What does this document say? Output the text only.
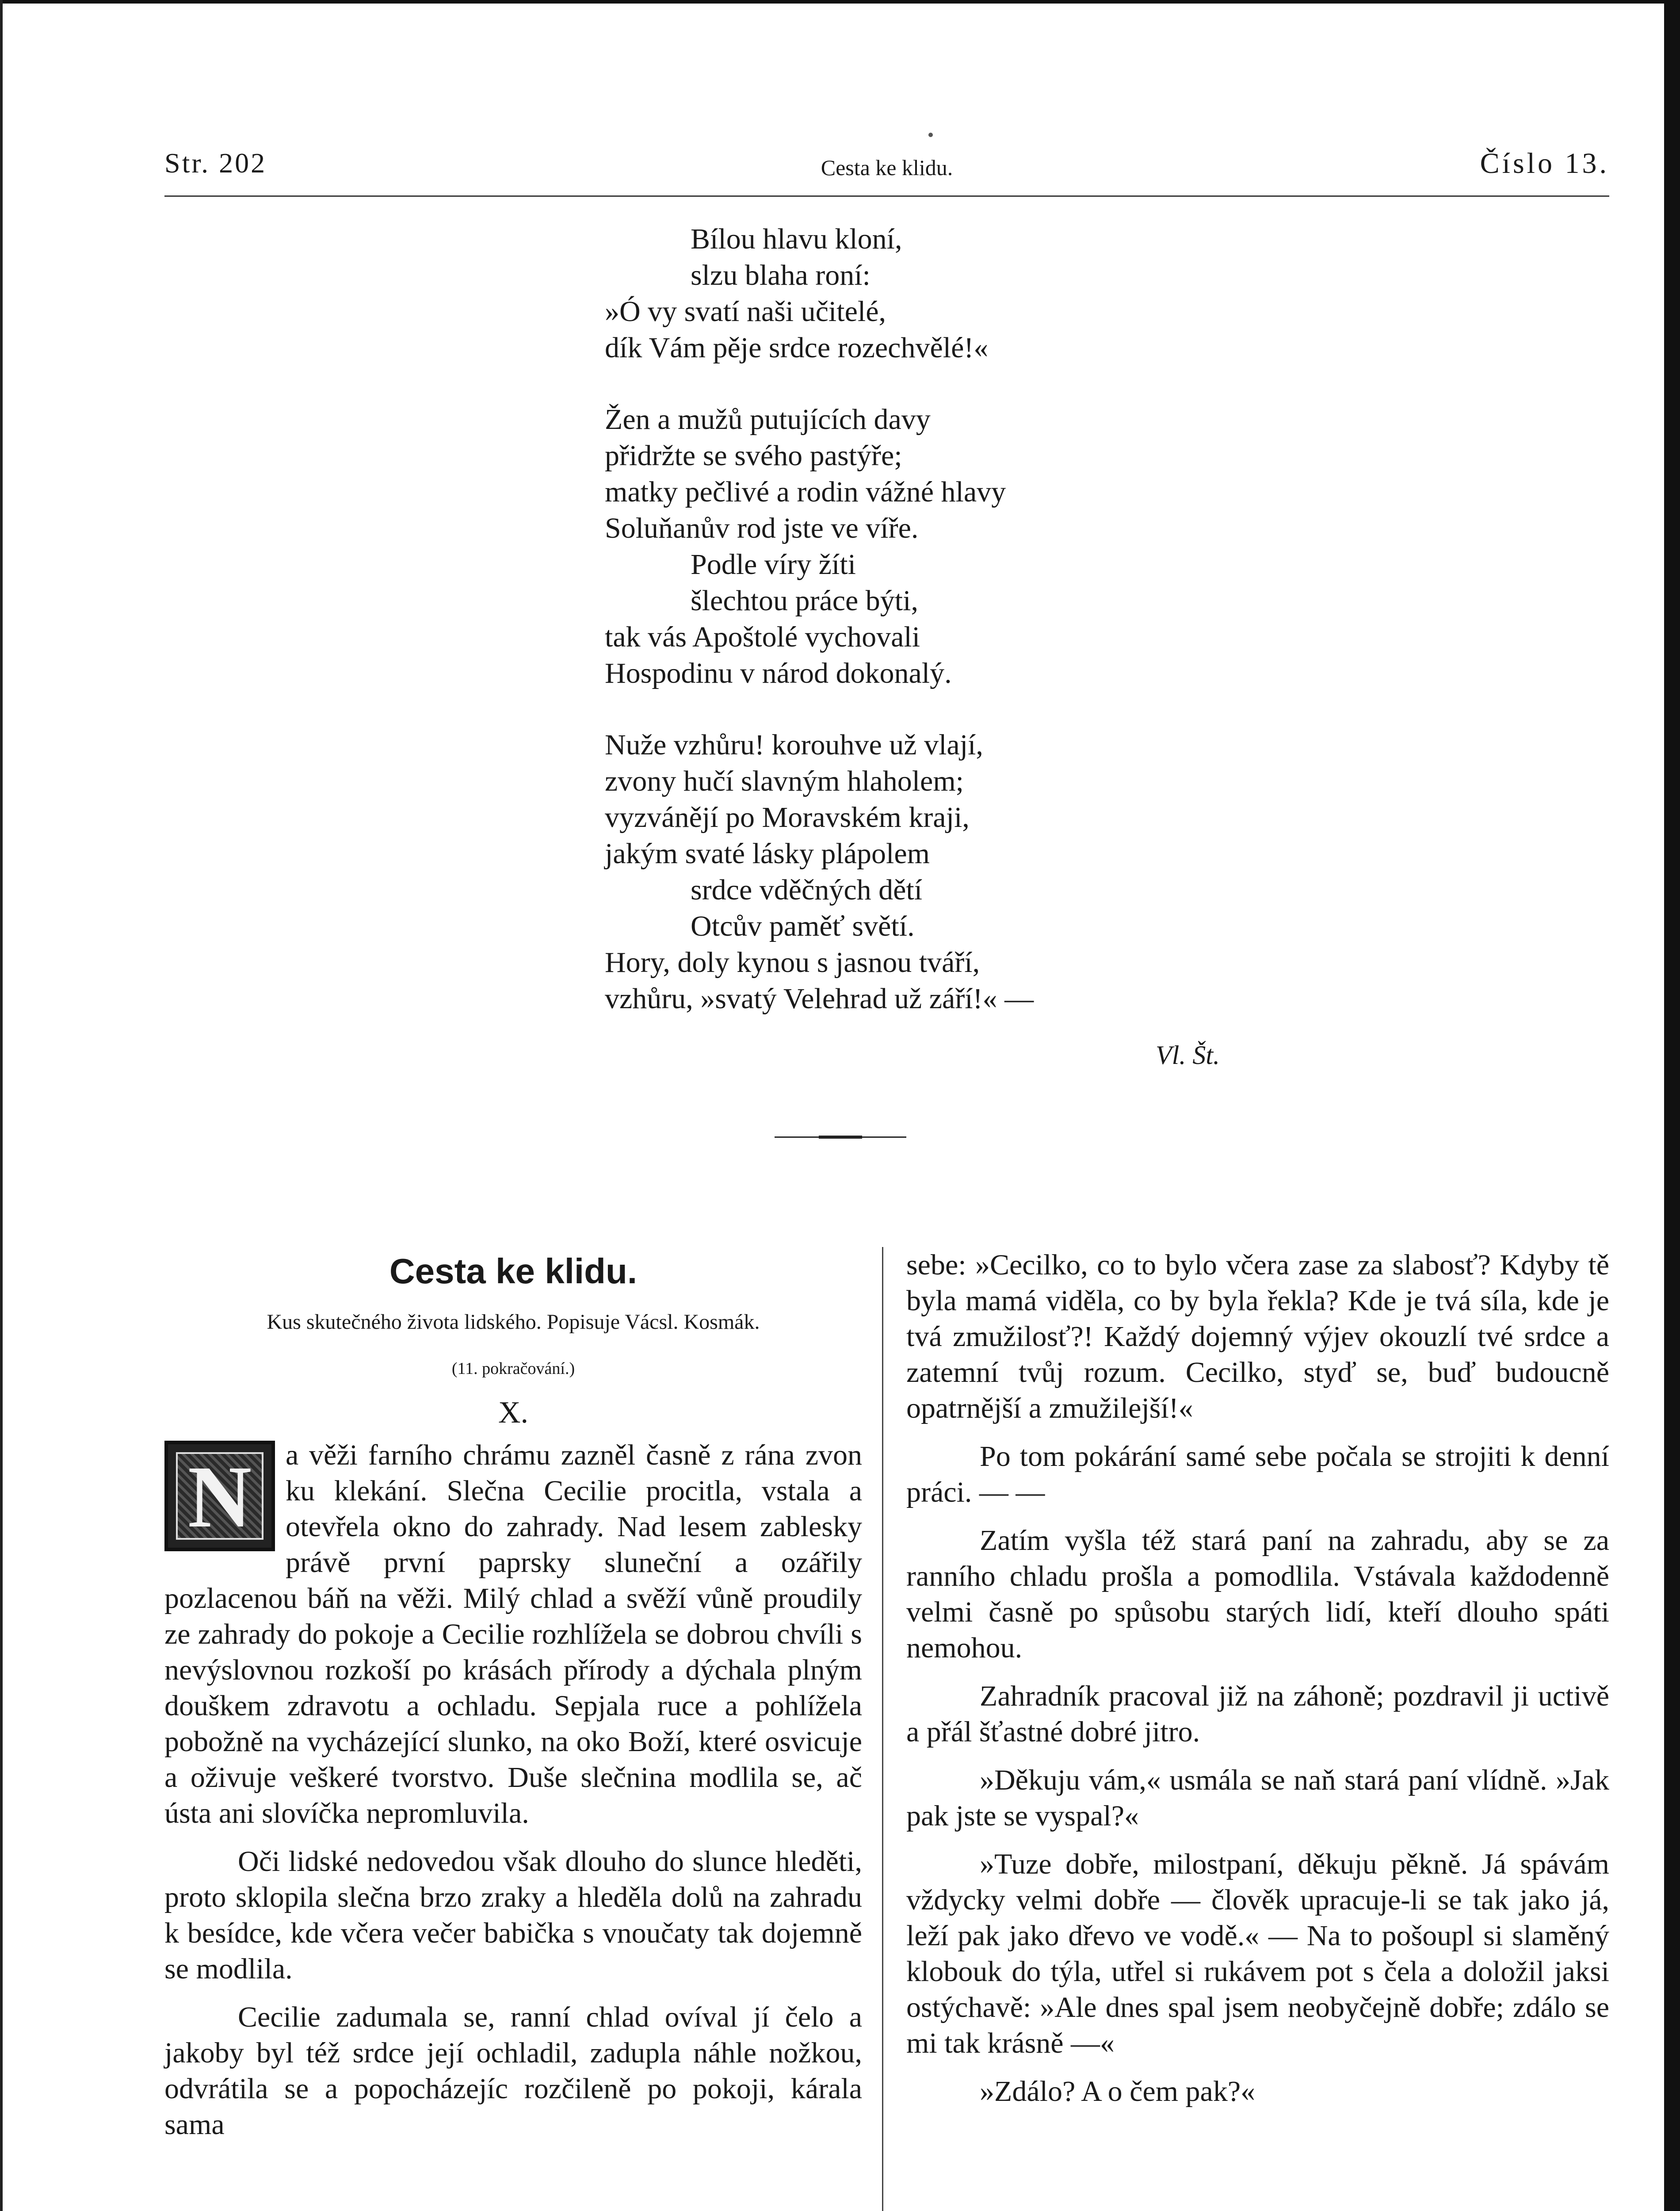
Str. 202	Cesta ke klidu.	Číslo 13.
Bílou hlavu kloní,
slzu blaha roní:
»Ó vy svatí naši učitelé,
dík Vám pěje srdce rozechvělé!«
Žen a mužů putujících davy
přidržte se svého pastýře;
matky pečlivé a rodin vážné hlavy
Soluňanův rod jste ve víře.
Podle víry žíti
šlechtou práce býti,
tak vás Apoštolé vychovali
Hospodinu v národ dokonalý.
Nuže vzhůru! korouhve už vlají,
zvony hučí slavným hlaholem;
vyzvánějí po Moravském kraji,
jakým svaté lásky plápolem
srdce vděčných dětí
Otcův paměť světí.
Hory, doly kynou s jasnou tváří,
vzhůru, »svatý Velehrad už září!« —
Vl. Št.
Cesta ke klidu.
Kus skutečného života lidského. Popisuje Vácsl. Kosmák.
(11. pokračování.)
X.

N	a věži farního chrámu zazněl časně z rána zvon ku klekání. Slečna Cecilie procitla, vstala a otevřela okno do zahrady. Nad lesem zablesky právě první paprsky sluneční a ozářily pozlacenou báň na věži. Milý chlad a svěží vůně proudily ze zahrady do pokoje a Cecilie rozhlížela se dobrou chvíli s nevýslovnou rozkoší po krásách přírody a dýchala plným douškem zdravotu a ochladu. Sepjala ruce a pohlížela pobožně na vycházející slunko, na oko Boží, které osvicuje a oživuje veškeré tvorstvo. Duše slečnina modlila se, ač ústa ani slovíčka nepromluvila.

Oči lidské nedovedou však dlouho do slunce hleděti, proto sklopila slečna brzo zraky a hleděla dolů na zahradu k besídce, kde včera večer babička s vnoučaty tak dojemně se modlila.

Cecilie zadumala se, ranní chlad ovíval jí čelo a jakoby byl též srdce její ochladil, zadupla náhle nožkou, odvrátila se a popocházejíc rozčileně po pokoji, kárala sama

sebe: »Cecilko, co to bylo včera zase za slabosť? Kdyby tě byla mamá viděla, co by byla řekla? Kde je tvá síla, kde je tvá zmužilosť?! Každý dojemný výjev okouzlí tvé srdce a zatemní tvůj rozum. Cecilko, styď se, buď budoucně opatrnější a zmužilejší!«

Po tom pokárání samé sebe počala se strojiti k denní práci. — —

Zatím vyšla též stará paní na zahradu, aby se za ranního chladu prošla a pomodlila. Vstávala každodenně velmi časně po spůsobu starých lidí, kteří dlouho spáti nemohou.

Zahradník pracoval již na záhoně; pozdravil ji uctivě a přál šťastné dobré jitro.

»Děkuju vám,« usmála se naň stará paní vlídně. »Jak pak jste se vyspal?«

»Tuze dobře, milostpaní, děkuju pěkně. Já spávám vždycky velmi dobře — člověk upracuje-li se tak jako já, leží pak jako dřevo ve vodě.« — Na to pošoupl si slaměný klobouk do týla, utřel si rukávem pot s čela a doložil jaksi ostýchavě: »Ale dnes spal jsem neobyčejně dobře; zdálo se mi tak krásně —«

»Zdálo? A o čem pak?«
